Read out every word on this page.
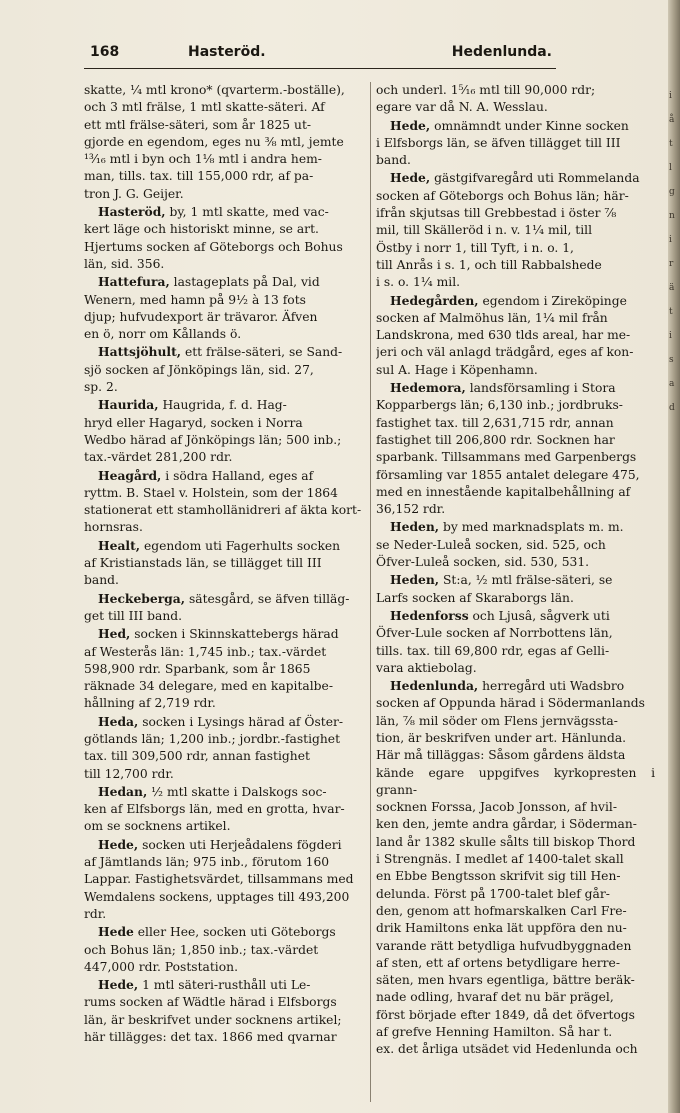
168	Hasteröd.	Hedenlunda.

skatte, ¼ mtl krono* (qvarterm.-boställe),
och 3 mtl frälse, 1 mtl skatte-säteri. Af
ett mtl frälse-säteri, som år 1825 ut-
gjorde en egendom, eges nu ⅜ mtl, jemte
¹³⁄₁₆ mtl i byn och 1⅛ mtl i andra hem-
man, tills. tax. till 155,000 rdr, af pa-
tron J. G. Geijer.

Hasteröd, by, 1 mtl skatte, med vac-
kert läge och historiskt minne, se art.
Hjertums socken af Göteborgs och Bohus
län, sid. 356.

Hattefura, lastageplats på Dal, vid
Wenern, med hamn på 9½ à 13 fots
djup; hufvudexport är trävaror. Äfven
en ö, norr om Kållands ö.

Hattsjöhult, ett frälse-säteri, se Sand-
sjö socken af Jönköpings län, sid. 27,
sp. 2.

Haurida, Haugrida, f. d. Hag-
hryd eller Hagaryd, socken i Norra
Wedbo härad af Jönköpings län; 500 inb.;
tax.-värdet 281,200 rdr.

Heagård, i södra Halland, eges af
ryttm. B. Stael v. Holstein, som der 1864
stationerat ett stamhollänidreri af äkta kort-
hornsras.

Healt, egendom uti Fagerhults socken
af Kristianstads län, se tillägget till III
band.

Heckeberga, sätesgård, se äfven tilläg-
get till III band.

Hed, socken i Skinnskattebergs härad
af Westerås län: 1,745 inb.; tax.-värdet
598,900 rdr. Sparbank, som år 1865
räknade 34 delegare, med en kapitalbe-
hållning af 2,719 rdr.

Heda, socken i Lysings härad af Öster-
götlands län; 1,200 inb.; jordbr.-fastighet
tax. till 309,500 rdr, annan fastighet
till 12,700 rdr.

Hedan, ½ mtl skatte i Dalskogs soc-
ken af Elfsborgs län, med en grotta, hvar-
om se socknens artikel.

Hede, socken uti Herjeådalens fögderi
af Jämtlands län; 975 inb., förutom 160
Lappar. Fastighetsvärdet, tillsammans med
Wemdalens sockens, upptages till 493,200
rdr.

Hede eller Hee, socken uti Göteborgs
och Bohus län; 1,850 inb.; tax.-värdet
447,000 rdr. Poststation.

Hede, 1 mtl säteri-rusthåll uti Le-
rums socken af Wädtle härad i Elfsborgs
län, är beskrifvet under socknens artikel;
här tillägges: det tax. 1866 med qvarnar

och underl. 1⁵⁄₁₆ mtl till 90,000 rdr;
egare var då N. A. Wesslau.

Hede, omnämndt under Kinne socken
i Elfsborgs län, se äfven tillägget till III
band.

Hede, gästgifvaregård uti Rommelanda
socken af Göteborgs och Bohus län; här-
ifrån skjutsas till Grebbestad i öster ⅞
mil, till Skälleröd i n. v. 1¼ mil, till
Östby i norr 1, till Tyft, i n. o. 1,
till Anrås i s. 1, och till Rabbalshede
i s. o. 1¼ mil.

Hedegården, egendom i Zireköpinge
socken af Malmöhus län, 1¼ mil från
Landskrona, med 630 tlds areal, har me-
jeri och väl anlagd trädgård, eges af kon-
sul A. Hage i Köpenhamn.

Hedemora, landsförsamling i Stora
Kopparbergs län; 6,130 inb.; jordbruks-
fastighet tax. till 2,631,715 rdr, annan
fastighet till 206,800 rdr. Socknen har
sparbank. Tillsammans med Garpenbergs
församling var 1855 antalet delegare 475,
med en innestående kapitalbehållning af
36,152 rdr.

Heden, by med marknadsplats m. m.
se Neder-Luleå socken, sid. 525, och
Öfver-Luleå socken, sid. 530, 531.

Heden, St:a, ½ mtl frälse-säteri, se
Larfs socken af Skaraborgs län.

Hedenforss och Ljusâ, sågverk uti
Öfver-Lule socken af Norrbottens län,
tills. tax. till 69,800 rdr, egas af Gelli-
vara aktiebolag.

Hedenlunda, herregård uti Wadsbro
socken af Oppunda härad i Södermanlands
län, ⅞ mil söder om Flens jernvägssta-
tion, är beskrifven under art. Hänlunda.
Här må tilläggas: Såsom gårdens äldsta
kände egare uppgifves kyrkopresten i grann-
socknen Forssa, Jacob Jonsson, af hvil-
ken den, jemte andra gårdar, i Söderman-
land år 1382 skulle sålts till biskop Thord
i Strengnäs. I medlet af 1400-talet skall
en Ebbe Bengtsson skrifvit sig till Hen-
delunda. Först på 1700-talet blef går-
den, genom att hofmarskalken Carl Fre-
drik Hamiltons enka lät uppföra den nu-
varande rätt betydliga hufvudbyggnaden
af sten, ett af ortens betydligare herre-
säten, men hvars egentliga, bättre beräk-
nade odling, hvaraf det nu bär prägel,
först började efter 1849, då det öfvertogs
af grefve Henning Hamilton. Så har t.
ex. det årliga utsädet vid Hedenlunda och

i

å

t

l

g

n

i

r

ä

t

i

s

a

d
